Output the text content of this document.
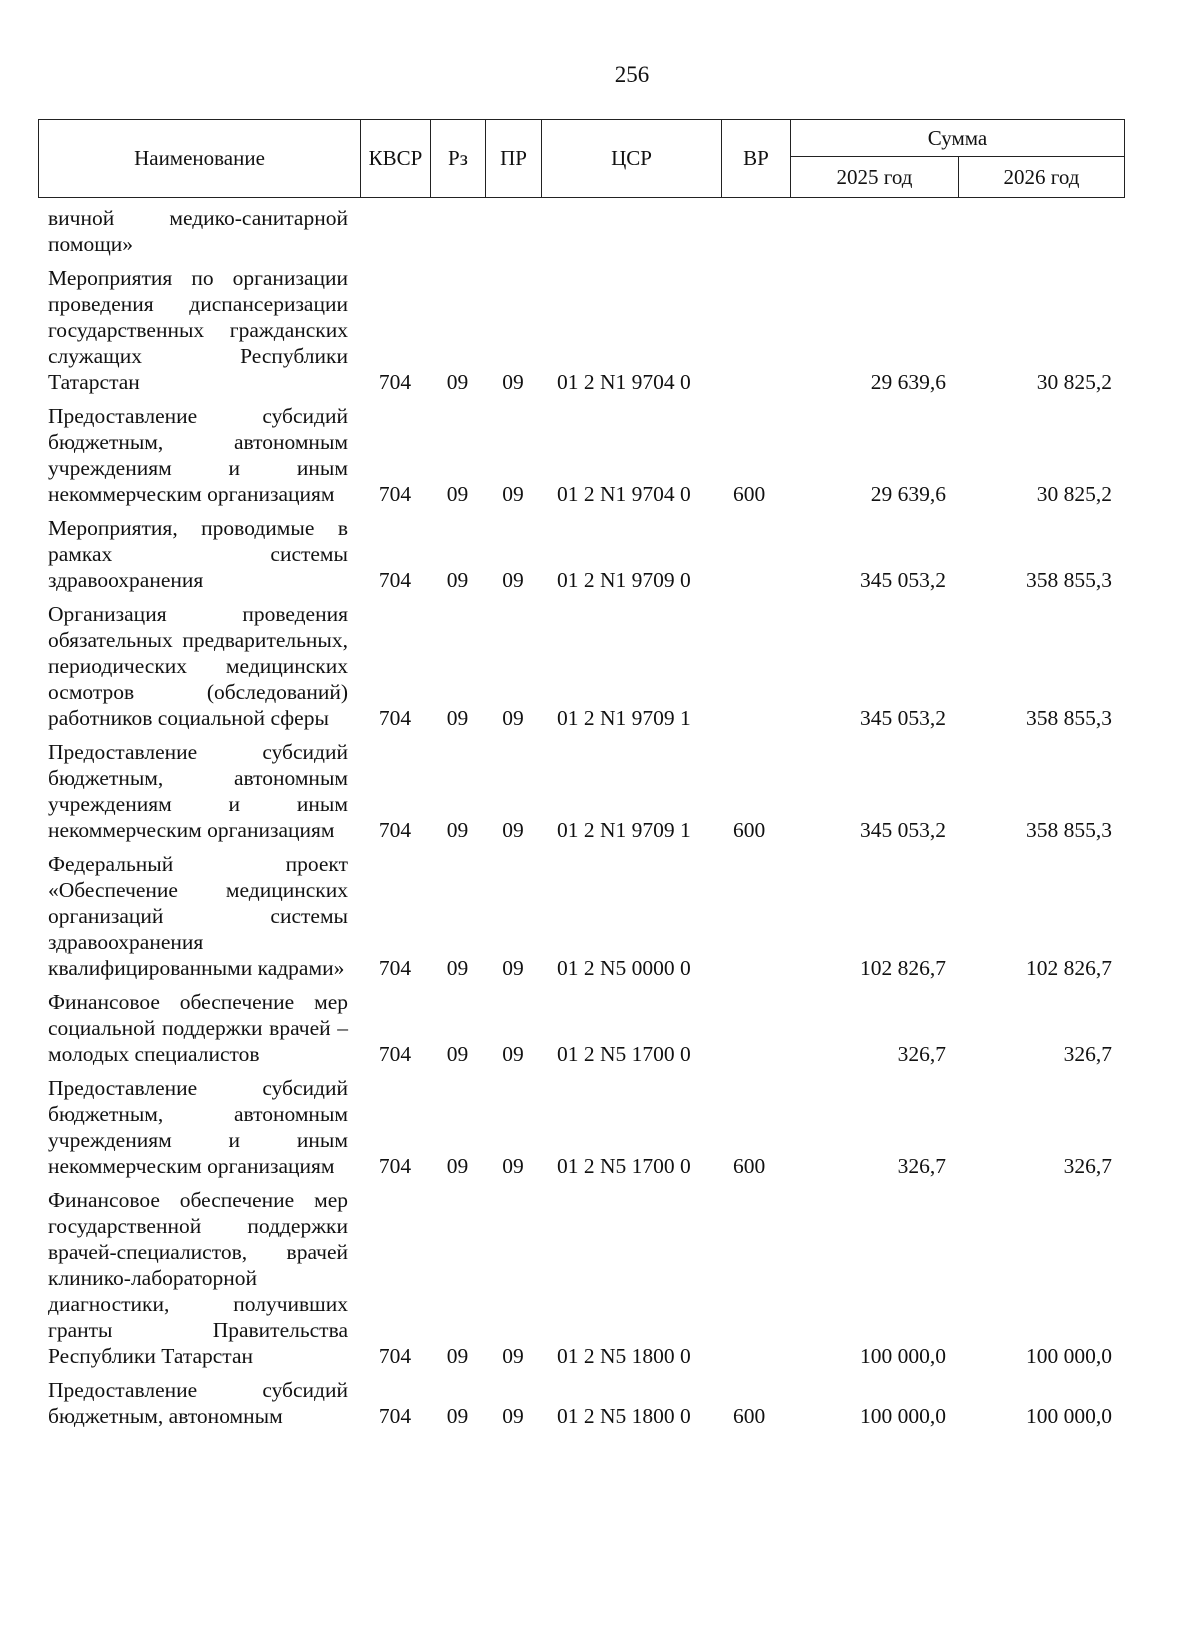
256
Наименование	КВСР	Рз	ПР	ЦСР	ВР	Сумма	
						2025 год	2026 год
вичной медико-санитарной помощи»							
Мероприятия по организации проведения диспансеризации государственных гражданских служащих Республики Татарстан	704	09	09	01 2 N1 9704 0		29 639,6	30 825,2
Предоставление субсидий бюджетным, автономным учреждениям и иным некоммерческим организациям	704	09	09	01 2 N1 9704 0	600	29 639,6	30 825,2
Мероприятия, проводимые в рамках системы здравоохранения	704	09	09	01 2 N1 9709 0		345 053,2	358 855,3
Организация проведения обязательных предварительных, периодических медицинских осмотров (обследований) работников социальной сферы	704	09	09	01 2 N1 9709 1		345 053,2	358 855,3
Предоставление субсидий бюджетным, автономным учреждениям и иным некоммерческим организациям	704	09	09	01 2 N1 9709 1	600	345 053,2	358 855,3
Федеральный проект «Обеспечение медицинских организаций системы здравоохранения квалифицированными кадрами»	704	09	09	01 2 N5 0000 0		102 826,7	102 826,7
Финансовое обеспечение мер социальной поддержки врачей – молодых специалистов	704	09	09	01 2 N5 1700 0		326,7	326,7
Предоставление субсидий бюджетным, автономным учреждениям и иным некоммерческим организациям	704	09	09	01 2 N5 1700 0	600	326,7	326,7
Финансовое обеспечение мер государственной поддержки врачей-специалистов, врачей клинико-лабораторной диагностики, получивших гранты Правительства Республики Татарстан	704	09	09	01 2 N5 1800 0		100 000,0	100 000,0
Предоставление субсидий бюджетным, автономным	704	09	09	01 2 N5 1800 0	600	100 000,0	100 000,0
